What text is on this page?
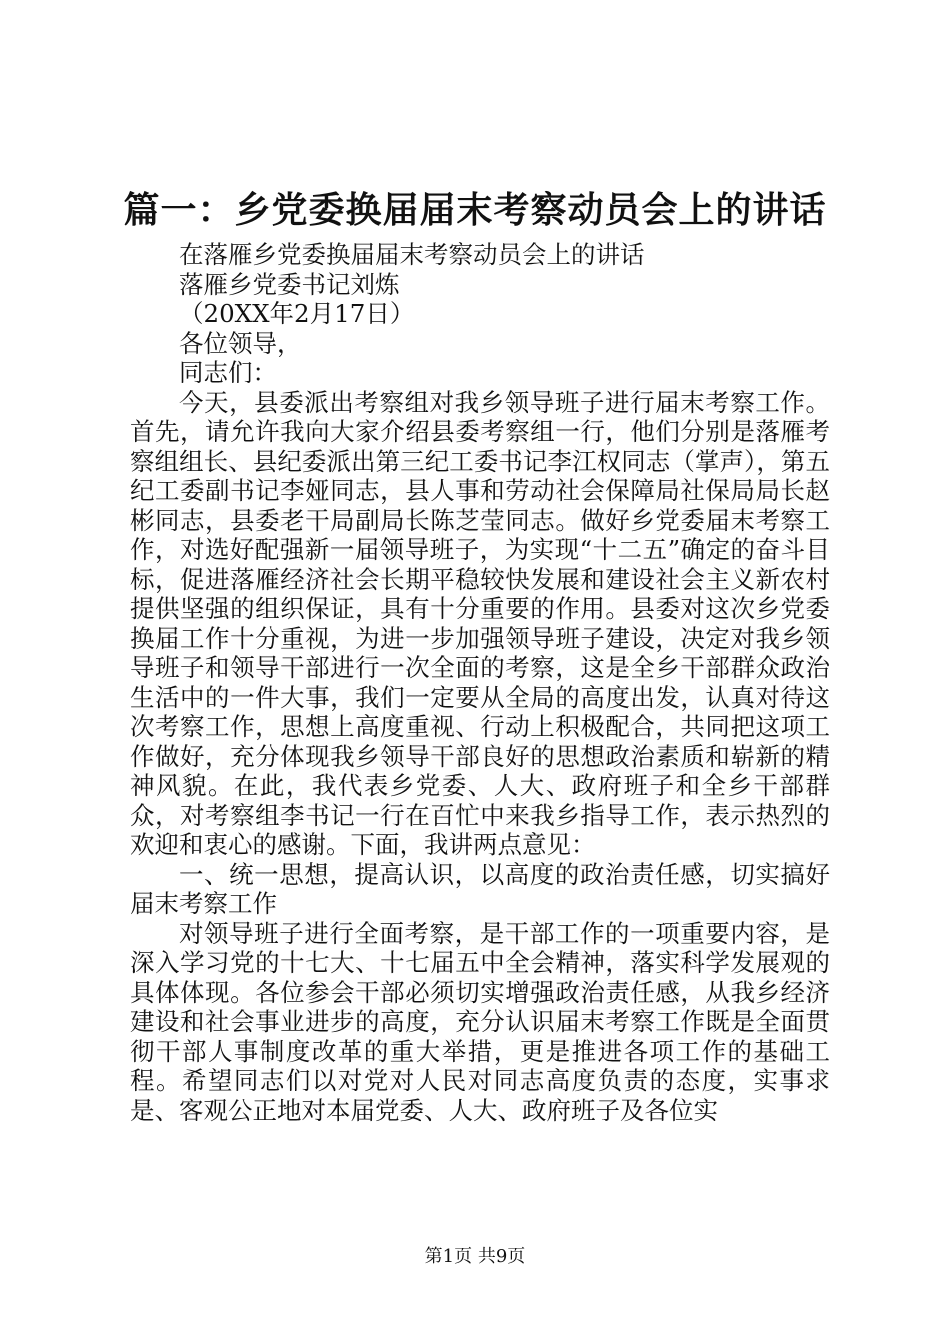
篇一：乡党委换届届末考察动员会上的讲话

在落雁乡党委换届届末考察动员会上的讲话

落雁乡党委书记刘炼

（20XX年2月17日）

各位领导，

同志们：

今天，县委派出考察组对我乡领导班子进行届末考察工作。首先，请允许我向大家介绍县委考察组一行，他们分别是落雁考察组组长、县纪委派出第三纪工委书记李江权同志（掌声），第五纪工委副书记李娅同志，县人事和劳动社会保障局社保局局长赵彬同志，县委老干局副局长陈芝莹同志。做好乡党委届末考察工作，对选好配强新一届领导班子，为实现“十二五”确定的奋斗目标，促进落雁经济社会长期平稳较快发展和建设社会主义新农村提供坚强的组织保证，具有十分重要的作用。县委对这次乡党委换届工作十分重视，为进一步加强领导班子建设，决定对我乡领导班子和领导干部进行一次全面的考察，这是全乡干部群众政治生活中的一件大事，我们一定要从全局的高度出发，认真对待这次考察工作，思想上高度重视、行动上积极配合，共同把这项工作做好，充分体现我乡领导干部良好的思想政治素质和崭新的精神风貌。在此，我代表乡党委、人大、政府班子和全乡干部群众，对考察组李书记一行在百忙中来我乡指导工作，表示热烈的欢迎和衷心的感谢。下面，我讲两点意见：

一、统一思想，提高认识，以高度的政治责任感，切实搞好届末考察工作

对领导班子进行全面考察，是干部工作的一项重要内容，是深入学习党的十七大、十七届五中全会精神，落实科学发展观的具体体现。各位参会干部必须切实增强政治责任感，从我乡经济建设和社会事业进步的高度，充分认识届末考察工作既是全面贯彻干部人事制度改革的重大举措，更是推进各项工作的基础工程。希望同志们以对党对人民对同志高度负责的态度，实事求是、客观公正地对本届党委、人大、政府班子及各位实

第1页 共9页
